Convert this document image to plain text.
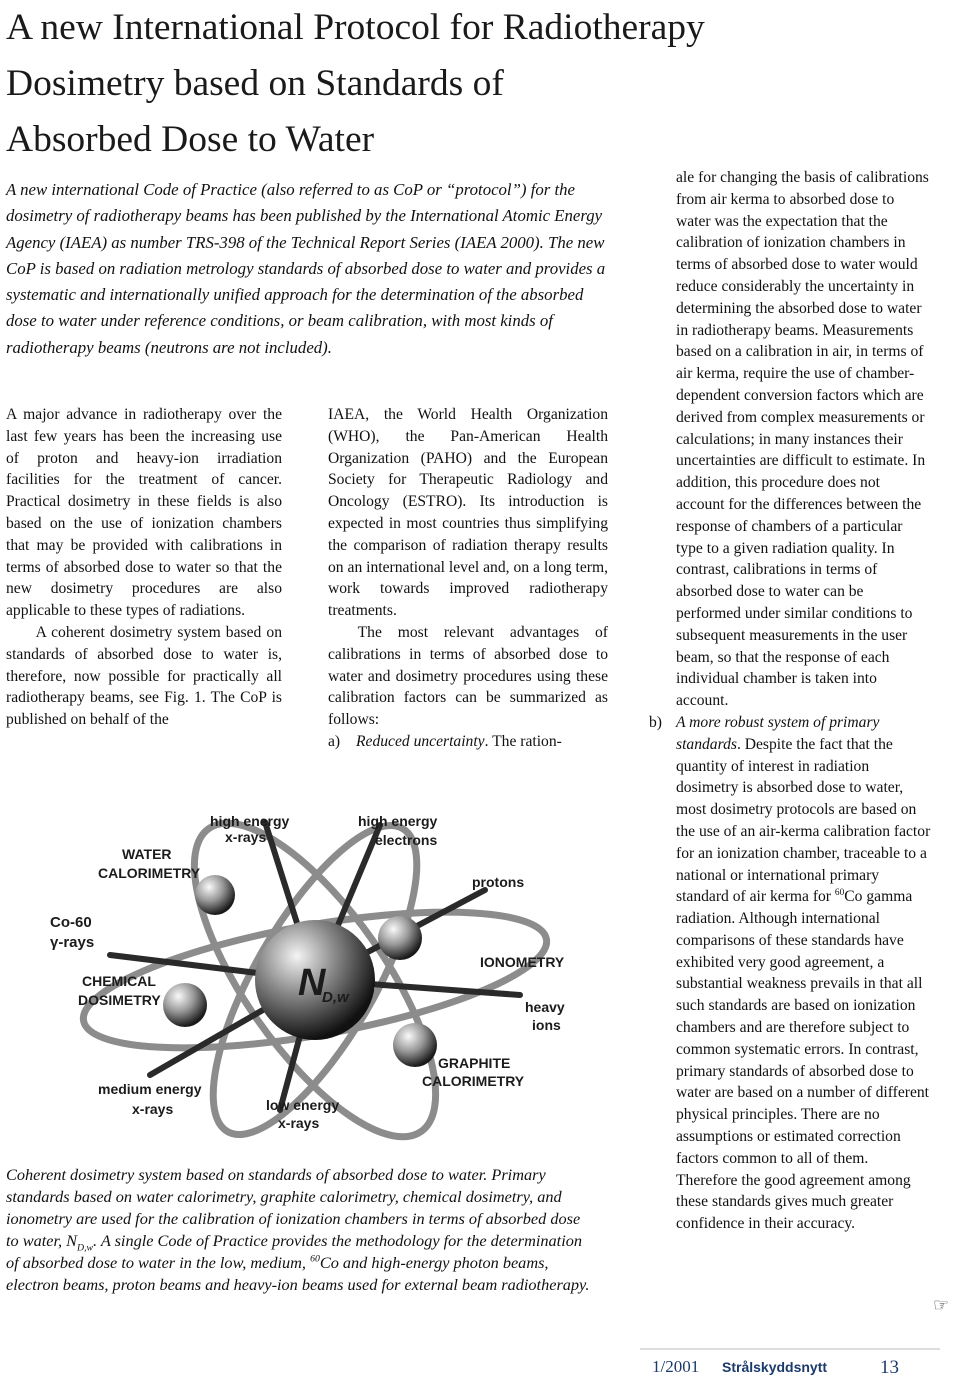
A new International Protocol for Radiotherapy
Dosimetry based on Standards of
Absorbed Dose to Water

A new international Code of Practice (also referred to as CoP or “protocol”) for the dosimetry of radiotherapy beams has been published by the International Atomic Energy Agency (IAEA) as number TRS-398 of the Technical Report Series (IAEA 2000). The new CoP is based on radiation metrology standards of absorbed dose to water and provides a systematic and internationally unified approach for the determination of the absorbed dose to water under reference conditions, or beam calibration, with most kinds of radiotherapy beams (neutrons are not included).

A major advance in radiotherapy over the last few years has been the increasing use of proton and heavy-ion irradiation facilities for the treatment of cancer. Practical dosimetry in these fields is also based on the use of ionization chambers that may be provided with calibrations in terms of absorbed dose to water so that the new dosimetry procedures are also applicable to these types of radiations.

A coherent dosimetry system based on standards of absorbed dose to water is, therefore, now possible for practically all radiotherapy beams, see Fig. 1. The CoP is published on behalf of the

IAEA, the World Health Organization (WHO), the Pan-American Health Organization (PAHO) and the European Society for Therapeutic Radiology and Oncology (ESTRO). Its introduction is expected in most countries thus simplifying the comparison of radiation therapy results on an international level and, on a long term, work towards improved radiotherapy treatments.

The most relevant advantages of calibrations in terms of absorbed dose to water and dosimetry procedures using these calibration factors can be summarized as follows:

a)	Reduced uncertainty. The ration-

ale for changing the basis of calibrations from air kerma to absorbed dose to water was the expectation that the calibration of ionization chambers in terms of absorbed dose to water would reduce considerably the uncertainty in determining the absorbed dose to water in radiotherapy beams. Measurements based on a calibration in air, in terms of air kerma, require the use of chamber-dependent conversion factors which are derived from complex measurements or calculations; in many instances their uncertainties are difficult to estimate. In addition, this procedure does not account for the differences between the response of chambers of a particular type to a given radiation quality. In contrast, calibrations in terms of absorbed dose to water can be performed under similar conditions to subsequent measurements in the user beam, so that the response of each individual chamber is taken into account.

b) A more robust system of primary standards. Despite the fact that the quantity of interest in radiation dosimetry is absorbed dose to water, most dosimetry protocols are based on the use of an air-kerma calibration factor for an ionization chamber, traceable to a national or international primary standard of air kerma for $^{60}$Co gamma radiation. Although international comparisons of these standards have exhibited very good agreement, a substantial weakness prevails in that all such standards are based on ionization chambers and are therefore subject to common systematic errors. In contrast, primary standards of absorbed dose to water are based on a number of different physical principles. There are no assumptions or estimated correction factors common to all of them. Therefore the good agreement among these standards gives much greater confidence in their accuracy.
N
D,w
high energy
x-rays
high energy
electrons
WATER
CALORIMETRY
Co-60
γ-rays
protons
CHEMICAL
DOSIMETRY
IONOMETRY
heavy
ions
GRAPHITE
CALORIMETRY
medium energy
x-rays	low energy
x-rays

Coherent dosimetry system based on standards of absorbed dose to water. Primary standards based on water calorimetry, graphite calorimetry, chemical dosimetry, and ionometry are used for the calibration of ionization chambers in terms of absorbed dose to water, $N_{D,w}$. A single Code of Practice provides the methodology for the determination of absorbed dose to water in the low, medium, $^{60}$Co and high-energy photon beams, electron beams, proton beams and heavy-ion beams used for external beam radiotherapy.

☞
1/2001 Strålskyddsnytt	13
